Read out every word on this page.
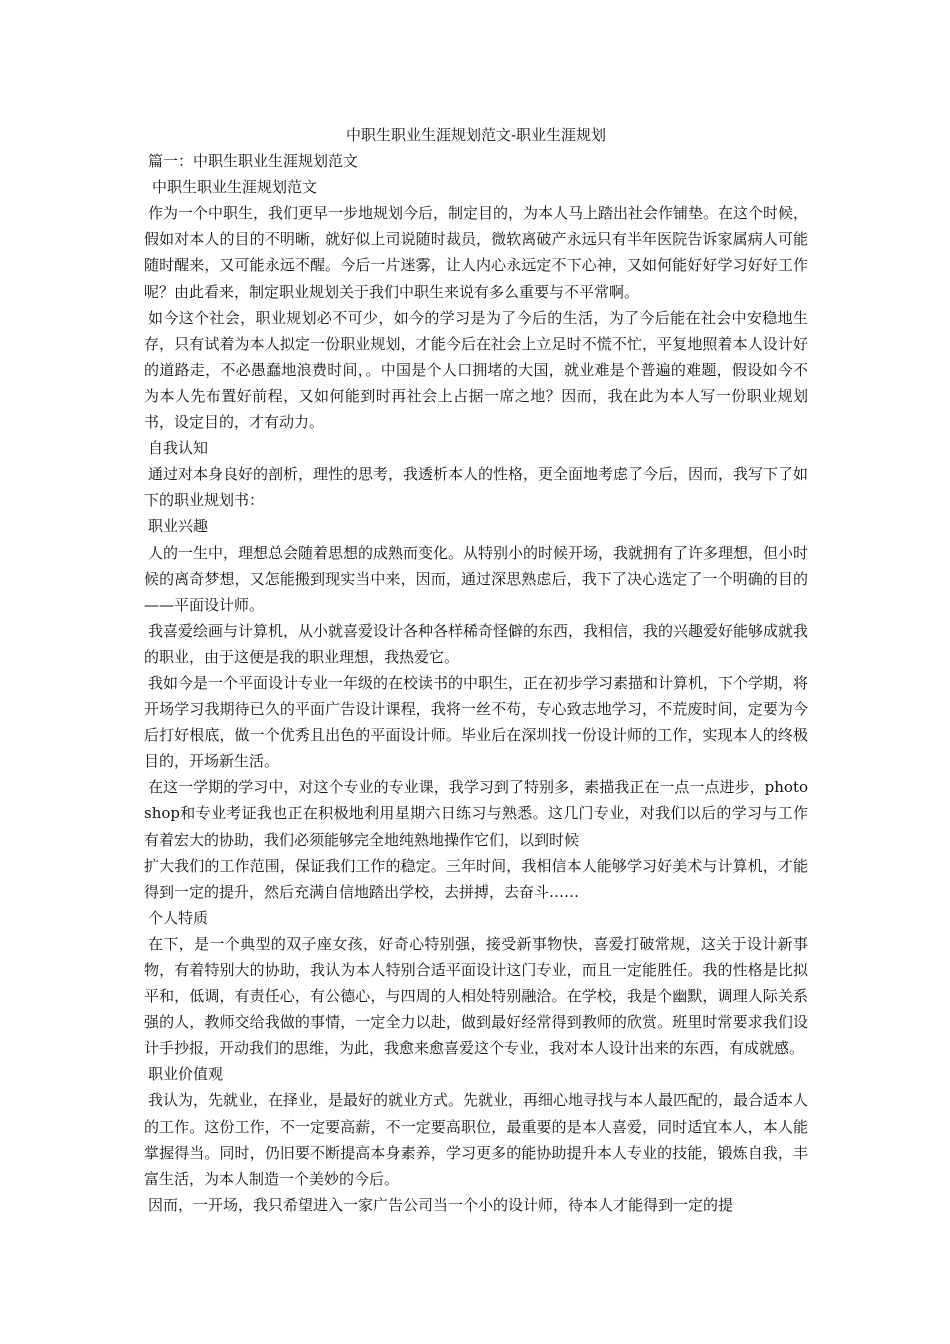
中职生职业生涯规划范文-职业生涯规划

篇一：中职生职业生涯规划范文

中职生职业生涯规划范文

作为一个中职生，我们更早一步地规划今后，制定目的，为本人马上踏出社会作铺垫。在这个时候，假如对本人的目的不明晰，就好似上司说随时裁员，微软离破产永远只有半年医院告诉家属病人可能随时醒来，又可能永远不醒。今后一片迷雾，让人内心永远定不下心神，又如何能好好学习好好工作呢？由此看来，制定职业规划关于我们中职生来说有多么重要与不平常啊。

如今这个社会，职业规划必不可少，如今的学习是为了今后的生活，为了今后能在社会中安稳地生存，只有试着为本人拟定一份职业规划，才能今后在社会上立足时不慌不忙，平复地照着本人设计好的道路走，不必愚蠢地浪费时间，。中国是个人口拥堵的大国，就业难是个普遍的难题，假设如今不为本人先布置好前程，又如何能到时再社会上占据一席之地？因而，我在此为本人写一份职业规划书，设定目的，才有动力。

自我认知

通过对本身良好的剖析，理性的思考，我透析本人的性格，更全面地考虑了今后，因而，我写下了如下的职业规划书：

职业兴趣

人的一生中，理想总会随着思想的成熟而变化。从特别小的时候开场，我就拥有了许多理想，但小时候的离奇梦想，又怎能搬到现实当中来，因而，通过深思熟虑后，我下了决心选定了一个明确的目的——平面设计师。

我喜爱绘画与计算机，从小就喜爱设计各种各样稀奇怪僻的东西，我相信，我的兴趣爱好能够成就我的职业，由于这便是我的职业理想，我热爱它。

我如今是一个平面设计专业一年级的在校读书的中职生，正在初步学习素描和计算机，下个学期，将开场学习我期待已久的平面广告设计课程，我将一丝不苟，专心致志地学习，不荒废时间，定要为今后打好根底，做一个优秀且出色的平面设计师。毕业后在深圳找一份设计师的工作，实现本人的终极目的，开场新生活。

在这一学期的学习中，对这个专业的专业课，我学习到了特别多，素描我正在一点一点进步，photoshop和专业考证我也正在积极地利用星期六日练习与熟悉。这几门专业，对我们以后的学习与工作有着宏大的协助，我们必须能够完全地纯熟地操作它们，以到时候

扩大我们的工作范围，保证我们工作的稳定。三年时间，我相信本人能够学习好美术与计算机，才能得到一定的提升，然后充满自信地踏出学校，去拼搏，去奋斗……

个人特质

在下，是一个典型的双子座女孩，好奇心特别强，接受新事物快，喜爱打破常规，这关于设计新事物，有着特别大的协助，我认为本人特别合适平面设计这门专业，而且一定能胜任。我的性格是比拟平和，低调，有责任心，有公德心，与四周的人相处特别融洽。在学校，我是个幽默，调理人际关系强的人，教师交给我做的事情，一定全力以赴，做到最好经常得到教师的欣赏。班里时常要求我们设计手抄报，开动我们的思维，为此，我愈来愈喜爱这个专业，我对本人设计出来的东西，有成就感。

职业价值观

我认为，先就业，在择业，是最好的就业方式。先就业，再细心地寻找与本人最匹配的，最合适本人的工作。这份工作，不一定要高薪，不一定要高职位，最重要的是本人喜爱，同时适宜本人，本人能掌握得当。同时，仍旧要不断提高本身素养，学习更多的能协助提升本人专业的技能，锻炼自我，丰富生活，为本人制造一个美妙的今后。

因而，一开场，我只希望进入一家广告公司当一个小的设计师，待本人才能得到一定的提
